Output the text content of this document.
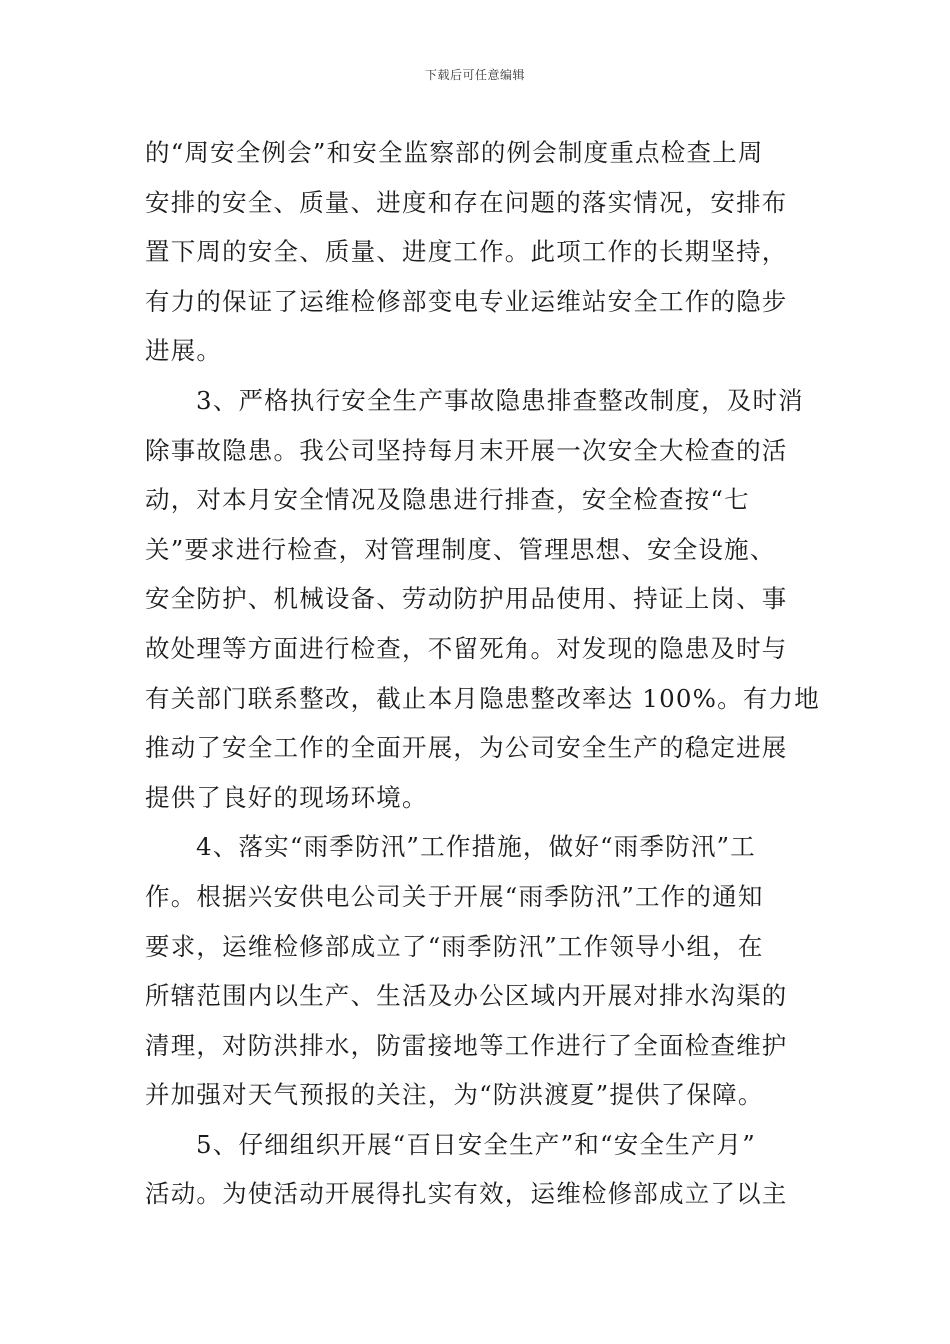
下载后可任意编辑
的“周安全例会”和安全监察部的例会制度重点检查上周
安排的安全、质量、进度和存在问题的落实情况，安排布
置下周的安全、质量、进度工作。此项工作的长期坚持，
有力的保证了运维检修部变电专业运维站安全工作的隐步
进展。
3、严格执行安全生产事故隐患排查整改制度，及时消
除事故隐患。我公司坚持每月末开展一次安全大检查的活
动，对本月安全情况及隐患进行排查，安全检查按“七
关”要求进行检查，对管理制度、管理思想、安全设施、
安全防护、机械设备、劳动防护用品使用、持证上岗、事
故处理等方面进行检查，不留死角。对发现的隐患及时与
有关部门联系整改，截止本月隐患整改率达 100%。有力地
推动了安全工作的全面开展，为公司安全生产的稳定进展
提供了良好的现场环境。
4、落实“雨季防汛”工作措施，做好“雨季防汛”工
作。根据兴安供电公司关于开展“雨季防汛”工作的通知
要求，运维检修部成立了“雨季防汛”工作领导小组，在
所辖范围内以生产、生活及办公区域内开展对排水沟渠的
清理，对防洪排水，防雷接地等工作进行了全面检查维护
并加强对天气预报的关注，为“防洪渡夏”提供了保障。
5、仔细组织开展“百日安全生产”和“安全生产月”
活动。为使活动开展得扎实有效，运维检修部成立了以主
